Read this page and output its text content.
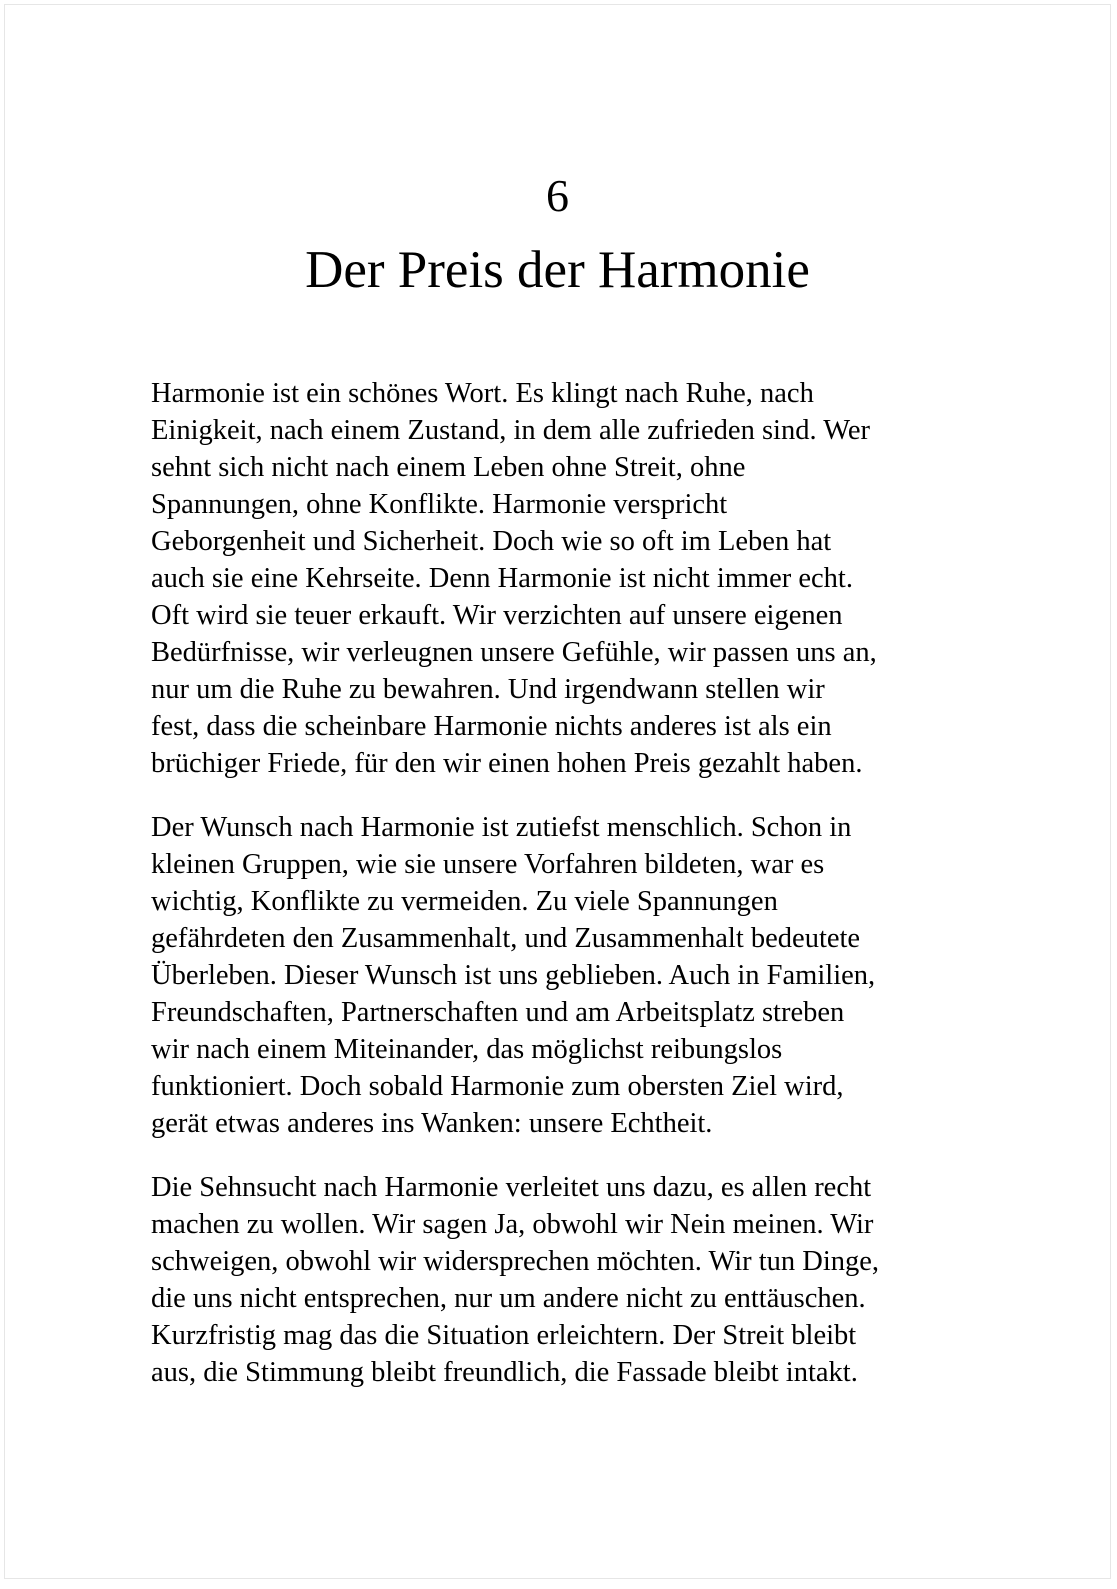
6
Der Preis der Harmonie
Harmonie ist ein schönes Wort. Es klingt nach Ruhe, nach
Einigkeit, nach einem Zustand, in dem alle zufrieden sind. Wer
sehnt sich nicht nach einem Leben ohne Streit, ohne
Spannungen, ohne Konflikte. Harmonie verspricht
Geborgenheit und Sicherheit. Doch wie so oft im Leben hat
auch sie eine Kehrseite. Denn Harmonie ist nicht immer echt.
Oft wird sie teuer erkauft. Wir verzichten auf unsere eigenen
Bedürfnisse, wir verleugnen unsere Gefühle, wir passen uns an,
nur um die Ruhe zu bewahren. Und irgendwann stellen wir
fest, dass die scheinbare Harmonie nichts anderes ist als ein
brüchiger Friede, für den wir einen hohen Preis gezahlt haben.
Der Wunsch nach Harmonie ist zutiefst menschlich. Schon in
kleinen Gruppen, wie sie unsere Vorfahren bildeten, war es
wichtig, Konflikte zu vermeiden. Zu viele Spannungen
gefährdeten den Zusammenhalt, und Zusammenhalt bedeutete
Überleben. Dieser Wunsch ist uns geblieben. Auch in Familien,
Freundschaften, Partnerschaften und am Arbeitsplatz streben
wir nach einem Miteinander, das möglichst reibungslos
funktioniert. Doch sobald Harmonie zum obersten Ziel wird,
gerät etwas anderes ins Wanken: unsere Echtheit.
Die Sehnsucht nach Harmonie verleitet uns dazu, es allen recht
machen zu wollen. Wir sagen Ja, obwohl wir Nein meinen. Wir
schweigen, obwohl wir widersprechen möchten. Wir tun Dinge,
die uns nicht entsprechen, nur um andere nicht zu enttäuschen.
Kurzfristig mag das die Situation erleichtern. Der Streit bleibt
aus, die Stimmung bleibt freundlich, die Fassade bleibt intakt.
